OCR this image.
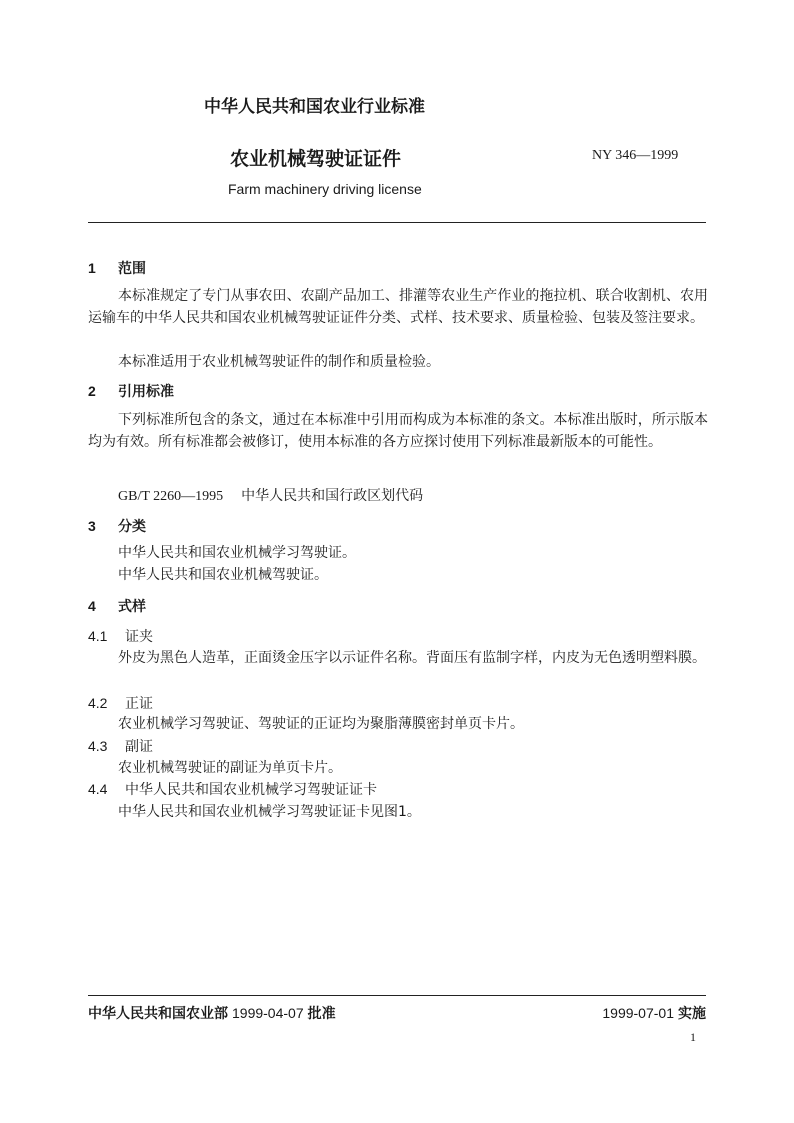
中华人民共和国农业行业标准
农业机械驾驶证证件	NY 346—1999
Farm machinery driving license
1 范围
本标准规定了专门从事农田、农副产品加工、排灌等农业生产作业的拖拉机、联合收割机、农用运输车的中华人民共和国农业机械驾驶证证件分类、式样、技术要求、质量检验、包装及签注要求。
本标准适用于农业机械驾驶证件的制作和质量检验。
2 引用标准
下列标准所包含的条文，通过在本标准中引用而构成为本标准的条文。本标准出版时，所示版本均为有效。所有标准都会被修订，使用本标准的各方应探讨使用下列标准最新版本的可能性。
GB/T 2260—1995 中华人民共和国行政区划代码
3 分类
中华人民共和国农业机械学习驾驶证。
中华人民共和国农业机械驾驶证。
4 式样
4.1 证夹
外皮为黑色人造革，正面烫金压字以示证件名称。背面压有监制字样，内皮为无色透明塑料膜。
4.2 正证
农业机械学习驾驶证、驾驶证的正证均为聚脂薄膜密封单页卡片。
4.3 副证
农业机械驾驶证的副证为单页卡片。
4.4 中华人民共和国农业机械学习驾驶证证卡
中华人民共和国农业机械学习驾驶证证卡见图1。
中华人民共和国农业部 1999-04-07 批准	1999-07-01 实施
1
